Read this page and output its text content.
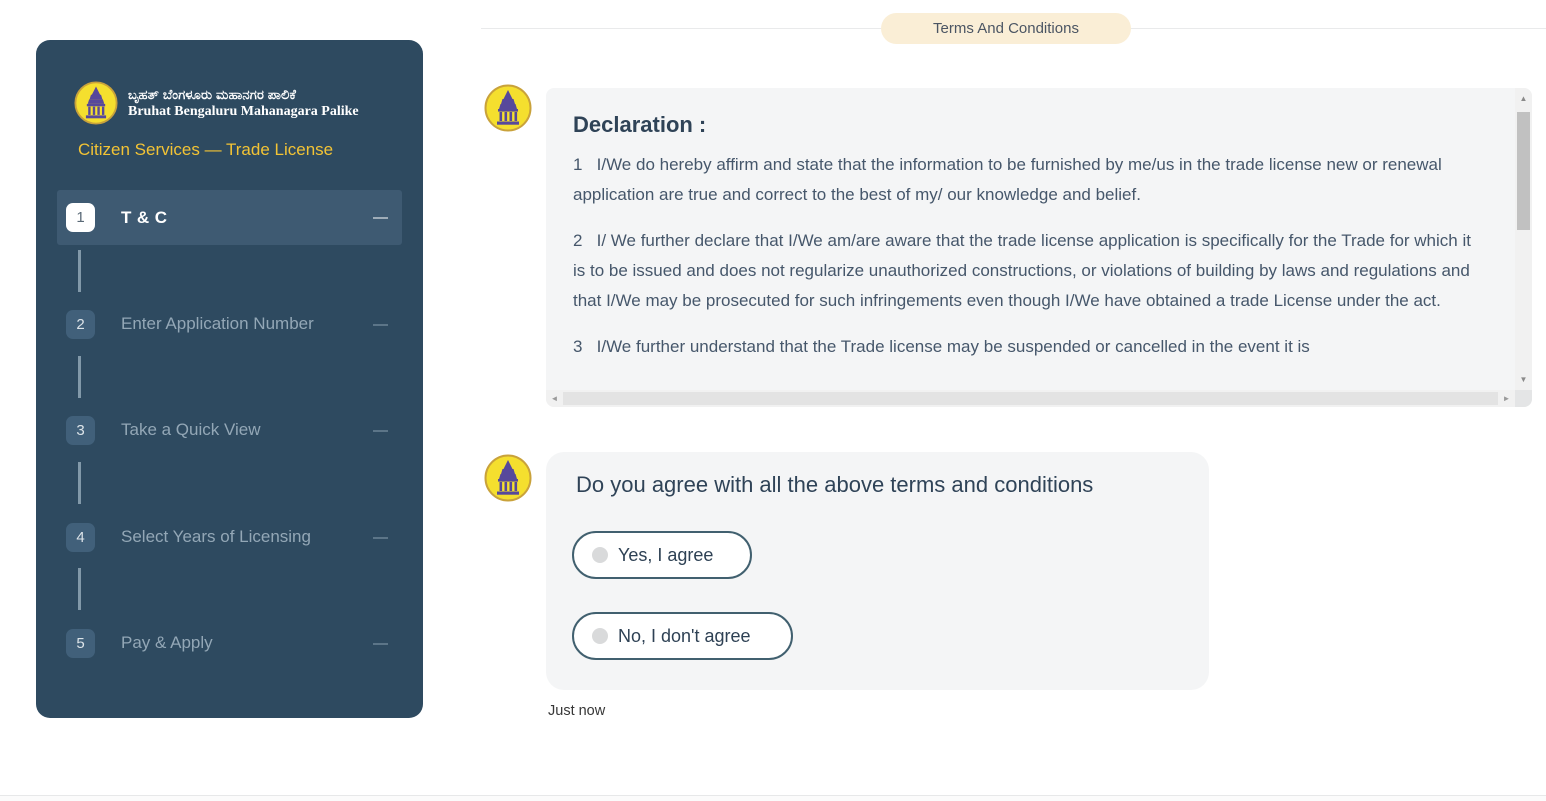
ಬೃಹತ್ ಬೆಂಗಳೂರು ಮಹಾನಗರ ಪಾಲಿಕೆ
Bruhat Bengaluru Mahanagara Palike
Citizen Services — Trade License
1	T & C	—
2	Enter Application Number	—
3	Take a Quick View	—
4	Select Years of Licensing	—
5	Pay & Apply	—
Terms And Conditions
Declaration :

1   I/We do hereby affirm and state that the information to be furnished by me/us in the trade license new or renewal application are true and correct to the best of my/ our knowledge and belief.

2   I/ We further declare that I/We am/are aware that the trade license application is specifically for the Trade for which it is to be issued and does not regularize unauthorized constructions, or violations of building by laws and regulations and that I/We may be prosecuted for such infringements even though I/We have obtained a trade License under the act.

3   I/We further understand that the Trade license may be suspended or cancelled in the event it is

▲
▼
◄	►
Do you agree with all the above terms and conditions
Yes, I agree
No, I don't agree
Just now
